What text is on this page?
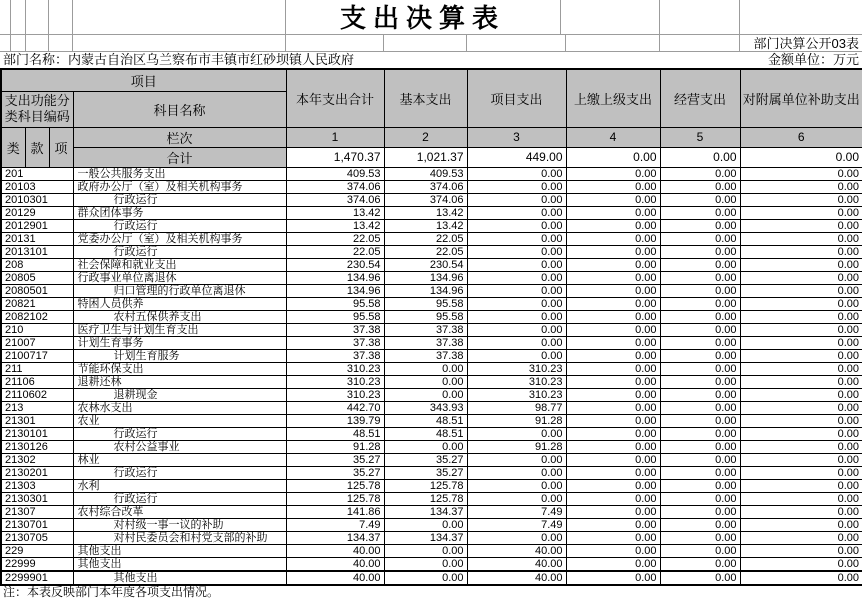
支出决算表
部门决算公开03表
部门名称：内蒙古自治区乌兰察布市丰镇市红砂坝镇人民政府	金额单位：万元
项目				本年支出合计	基本支出	项目支出	上缴上级支出	经营支出	对附属单位补助支出
支出功能分类科目编码			科目名称						
类	款	项	栏次	1	2	3	4	5	6
			合计	1,470.37	1,021.37	449.00	0.00	0.00	0.00
201			一般公共服务支出	409.53	409.53	0.00	0.00	0.00	0.00
20103			政府办公厅（室）及相关机构事务	374.06	374.06	0.00	0.00	0.00	0.00
2010301			行政运行	374.06	374.06	0.00	0.00	0.00	0.00
20129			群众团体事务	13.42	13.42	0.00	0.00	0.00	0.00
2012901			行政运行	13.42	13.42	0.00	0.00	0.00	0.00
20131			党委办公厅（室）及相关机构事务	22.05	22.05	0.00	0.00	0.00	0.00
2013101			行政运行	22.05	22.05	0.00	0.00	0.00	0.00
208			社会保障和就业支出	230.54	230.54	0.00	0.00	0.00	0.00
20805			行政事业单位离退休	134.96	134.96	0.00	0.00	0.00	0.00
2080501			归口管理的行政单位离退休	134.96	134.96	0.00	0.00	0.00	0.00
20821			特困人员供养	95.58	95.58	0.00	0.00	0.00	0.00
2082102			农村五保供养支出	95.58	95.58	0.00	0.00	0.00	0.00
210			医疗卫生与计划生育支出	37.38	37.38	0.00	0.00	0.00	0.00
21007			计划生育事务	37.38	37.38	0.00	0.00	0.00	0.00
2100717			计划生育服务	37.38	37.38	0.00	0.00	0.00	0.00
211			节能环保支出	310.23	0.00	310.23	0.00	0.00	0.00
21106			退耕还林	310.23	0.00	310.23	0.00	0.00	0.00
2110602			退耕现金	310.23	0.00	310.23	0.00	0.00	0.00
213			农林水支出	442.70	343.93	98.77	0.00	0.00	0.00
21301			农业	139.79	48.51	91.28	0.00	0.00	0.00
2130101			行政运行	48.51	48.51	0.00	0.00	0.00	0.00
2130126			农村公益事业	91.28	0.00	91.28	0.00	0.00	0.00
21302			林业	35.27	35.27	0.00	0.00	0.00	0.00
2130201			行政运行	35.27	35.27	0.00	0.00	0.00	0.00
21303			水利	125.78	125.78	0.00	0.00	0.00	0.00
2130301			行政运行	125.78	125.78	0.00	0.00	0.00	0.00
21307			农村综合改革	141.86	134.37	7.49	0.00	0.00	0.00
2130701			对村级一事一议的补助	7.49	0.00	7.49	0.00	0.00	0.00
2130705			对村民委员会和村党支部的补助	134.37	134.37	0.00	0.00	0.00	0.00
229			其他支出	40.00	0.00	40.00	0.00	0.00	0.00
22999			其他支出	40.00	0.00	40.00	0.00	0.00	0.00
2299901			其他支出	40.00	0.00	40.00	0.00	0.00	0.00
注：本表反映部门本年度各项支出情况。
